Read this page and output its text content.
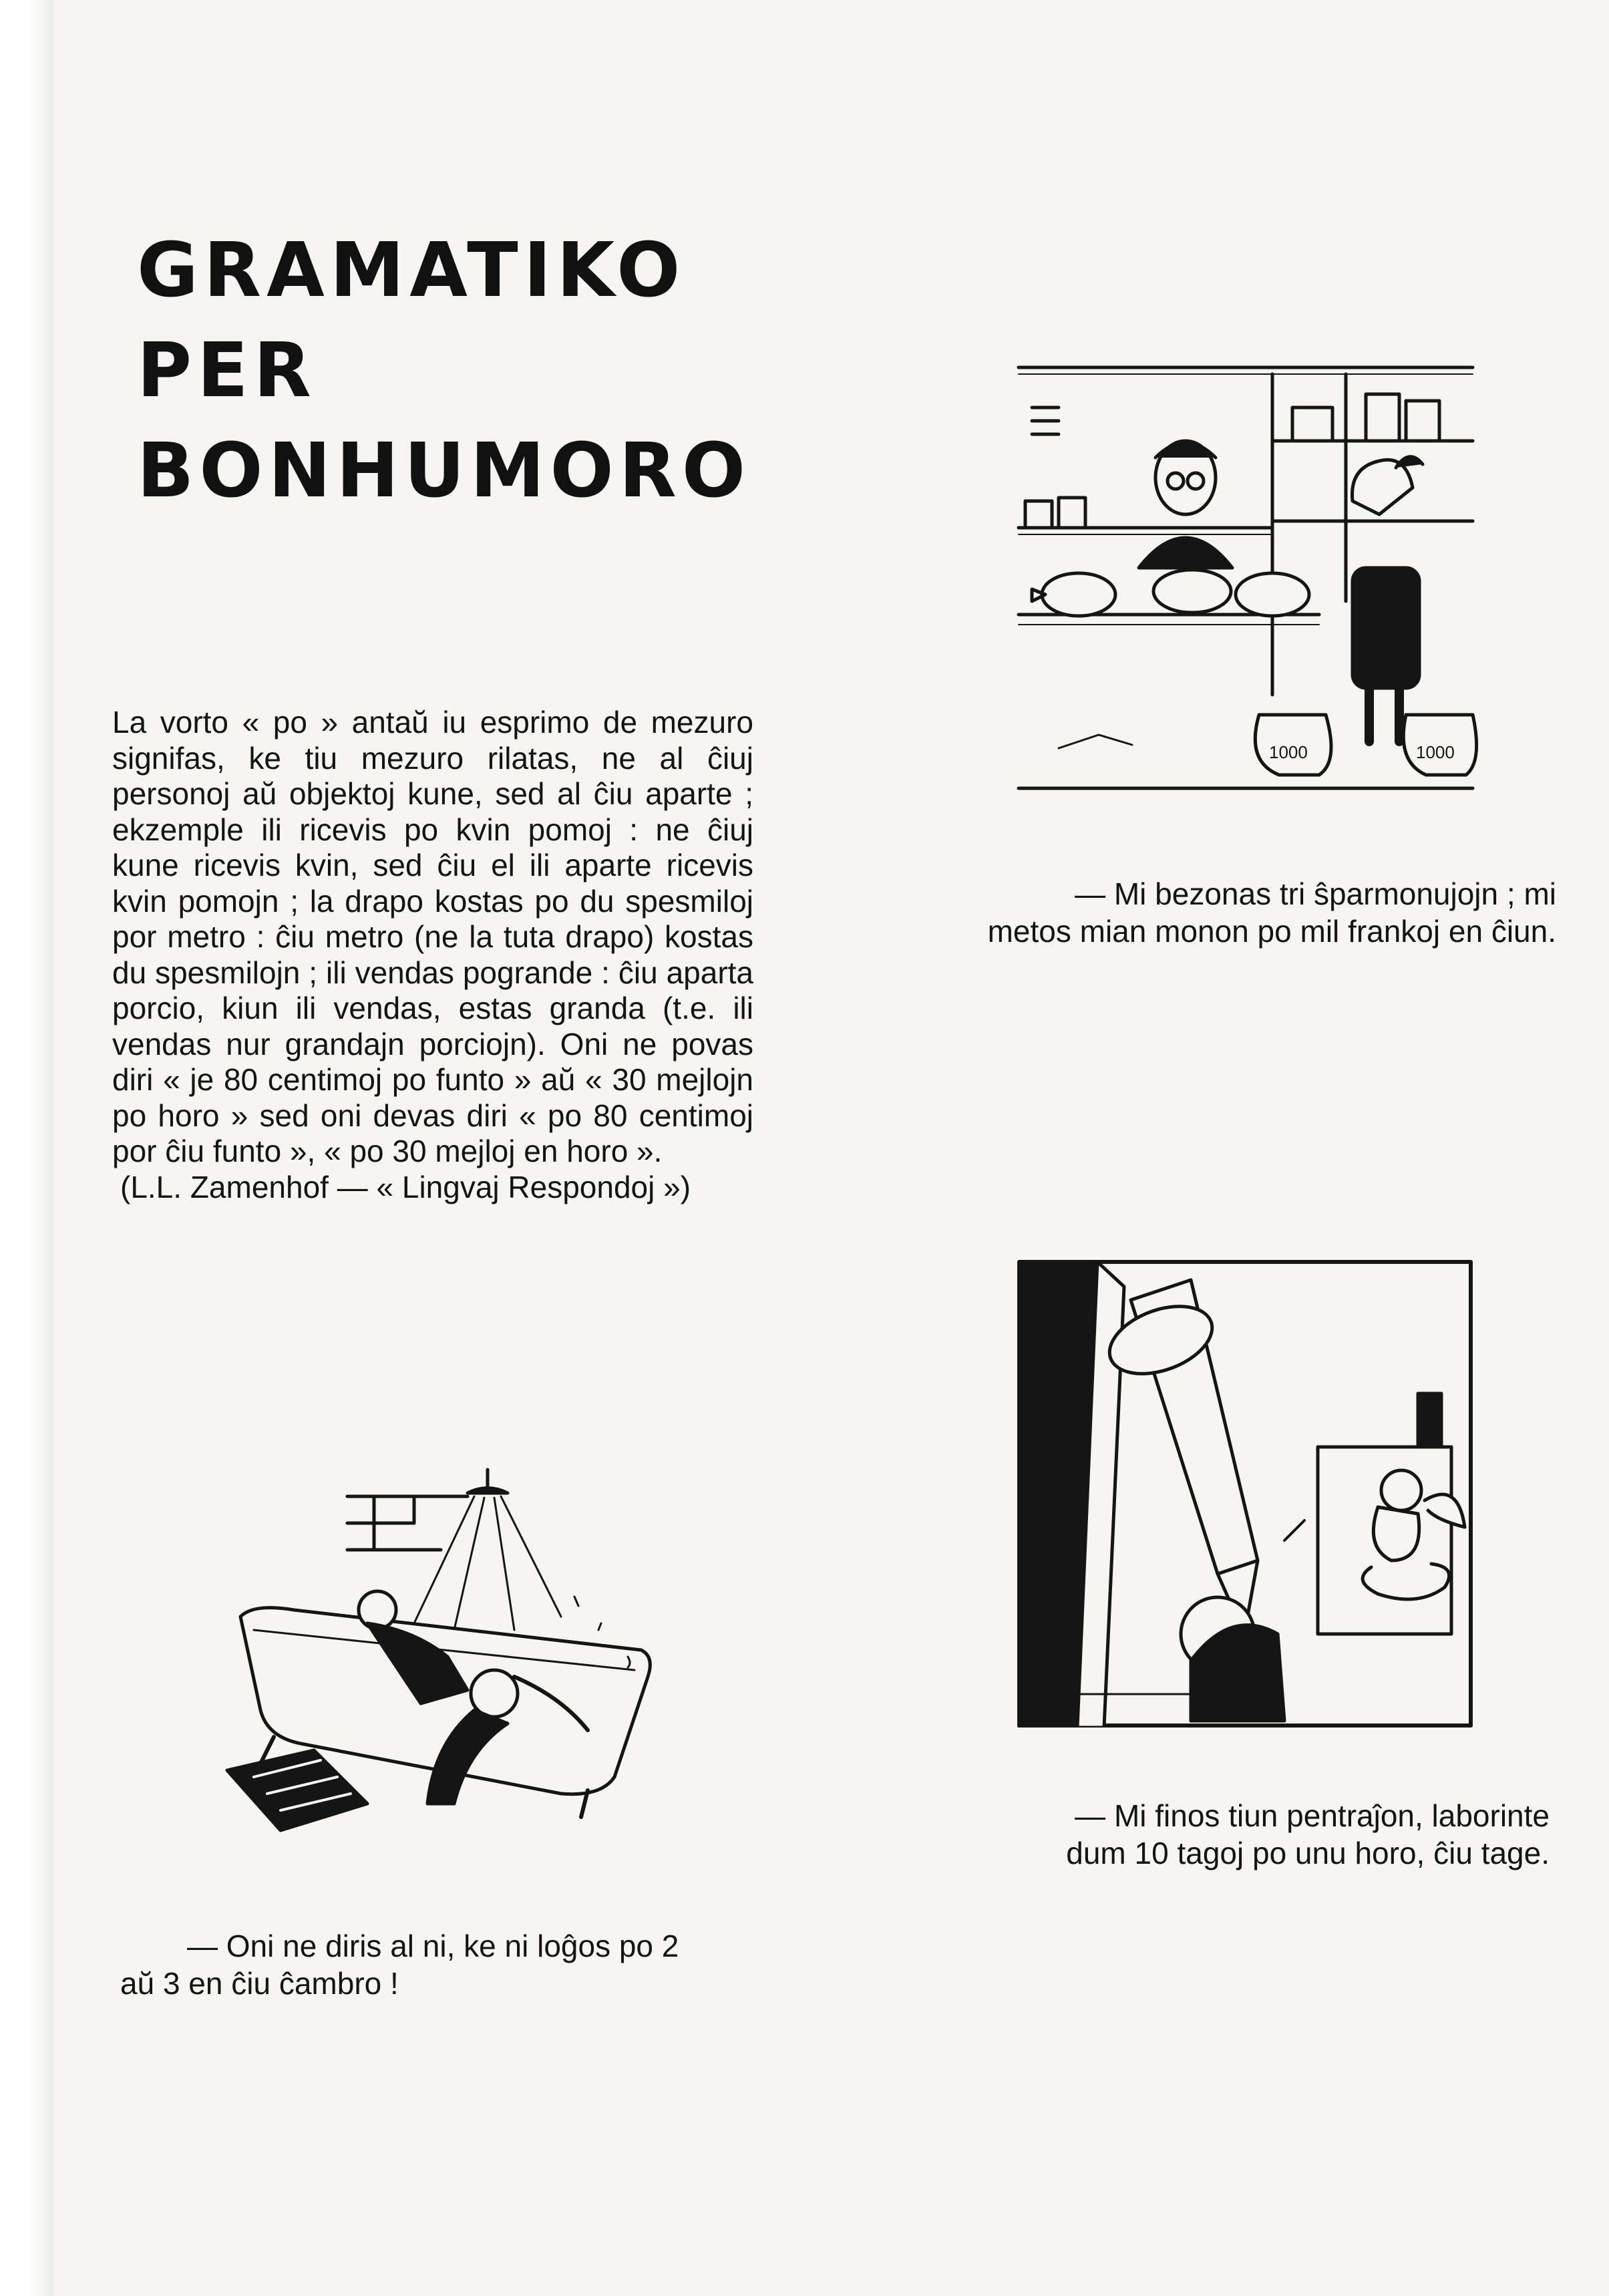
GRAMATIKO
PER
BONHUMORO

La vorto « po » antaŭ iu esprimo de mezuro signifas, ke tiu mezuro rilatas, ne al ĉiuj personoj aŭ objektoj kune, sed al ĉiu aparte ; ekzemple ili ricevis po kvin pomoj : ne ĉiuj kune ricevis kvin, sed ĉiu el ili aparte ricevis kvin pomojn ; la drapo kostas po du spesmiloj por metro : ĉiu metro (ne la tuta drapo) kostas du spesmilojn ; ili vendas pogrande : ĉiu aparta porcio, kiun ili vendas, estas granda (t.e. ili vendas nur grandajn porciojn). Oni ne povas diri « je 80 centimoj po funto » aŭ « 30 mejlojn po horo » sed oni devas diri « po 80 centimoj por ĉiu funto », « po 30 mejloj en horo ».

(L.L. Zamenhof — « Lingvaj Respondoj »)

1000	1000
— Mi bezonas tri ŝparmonujojn ; mi
metos mian monon po mil frankoj en ĉiun.
— Mi finos tiun pentraĵon, laborinte
dum 10 tagoj po unu horo, ĉiu tage.
— Oni ne diris al ni, ke ni loĝos po 2
aŭ 3 en ĉiu ĉambro !
